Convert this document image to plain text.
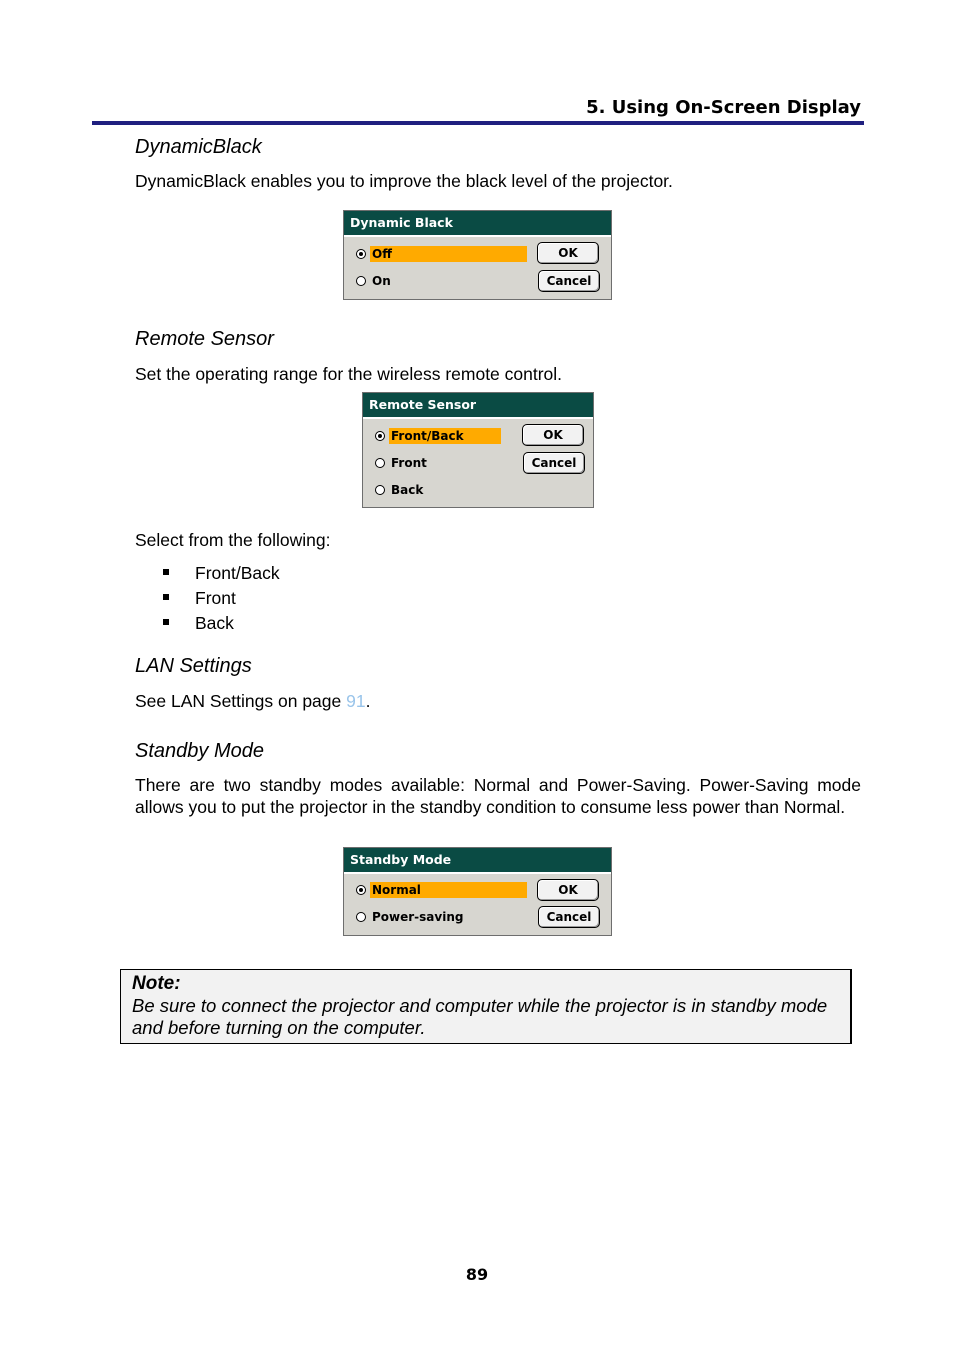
5. Using On-Screen Display
DynamicBlack
DynamicBlack enables you to improve the black level of the projector.
Dynamic Black
Off
On
OK
Cancel
Remote Sensor
Set the operating range for the wireless remote control.
Remote Sensor
Front/Back
Front
Back
OK
Cancel
Select from the following:
Front/Back
Front
Back
LAN Settings
See LAN Settings on page 91.
Standby Mode
There are two standby modes available: Normal and Power-Saving. Power-Saving mode allows you to put the projector in the standby condition to consume less power than Normal.
Standby Mode
Normal
Power-saving
OK
Cancel
Note:
Be sure to connect the projector and computer while the projector is in standby mode and before turning on the computer.
89
